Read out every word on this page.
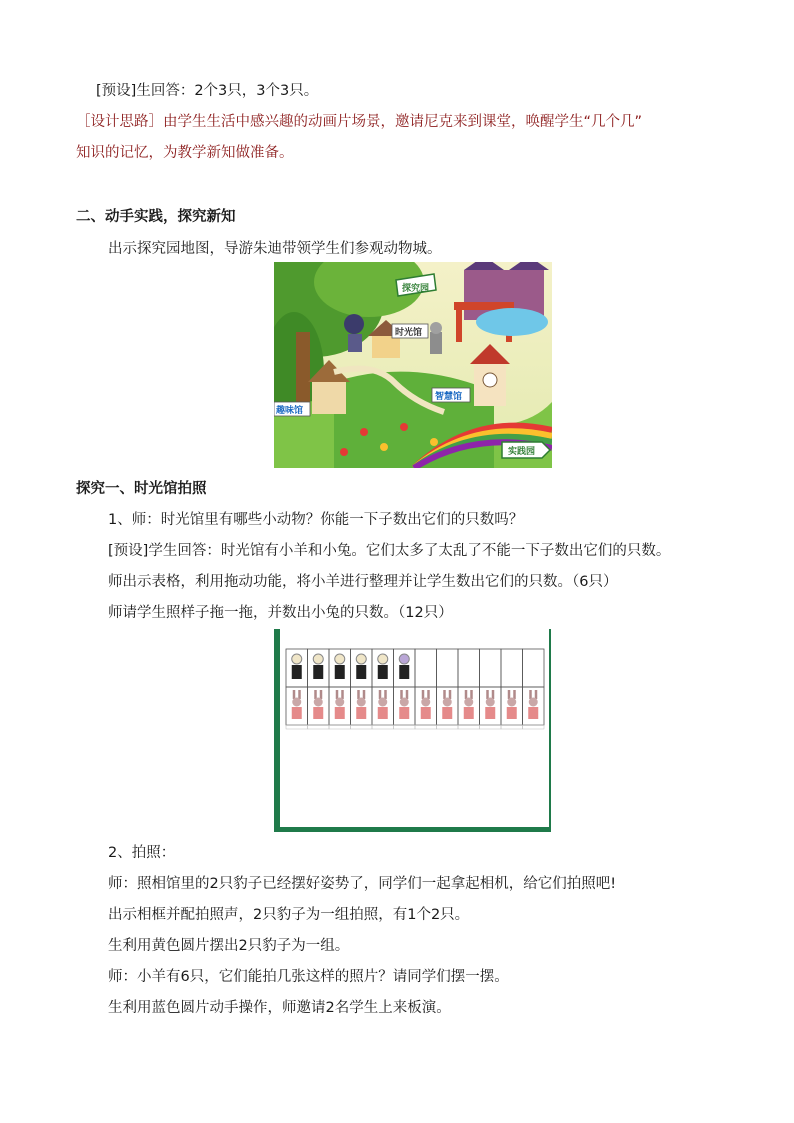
[预设]生回答：2个3只，3个3只。
［设计思路］由学生生活中感兴趣的动画片场景，邀请尼克来到课堂，唤醒学生“几个几”
知识的记忆，为教学新知做准备。
二、动手实践，探究新知
出示探究园地图，导游朱迪带领学生们参观动物城。
探究园
时光馆
趣味馆
智慧馆
实践园
探究一、时光馆拍照
1、师：时光馆里有哪些小动物？你能一下子数出它们的只数吗？
[预设]学生回答：时光馆有小羊和小兔。它们太多了太乱了不能一下子数出它们的只数。
师出示表格，利用拖动功能，将小羊进行整理并让学生数出它们的只数。（6只）
师请学生照样子拖一拖，并数出小兔的只数。（12只）
2、拍照：
师：照相馆里的2只豹子已经摆好姿势了，同学们一起拿起相机，给它们拍照吧!
出示相框并配拍照声，2只豹子为一组拍照，有1个2只。
生利用黄色圆片摆出2只豹子为一组。
师：小羊有6只，它们能拍几张这样的照片？请同学们摆一摆。
生利用蓝色圆片动手操作，师邀请2名学生上来板演。
